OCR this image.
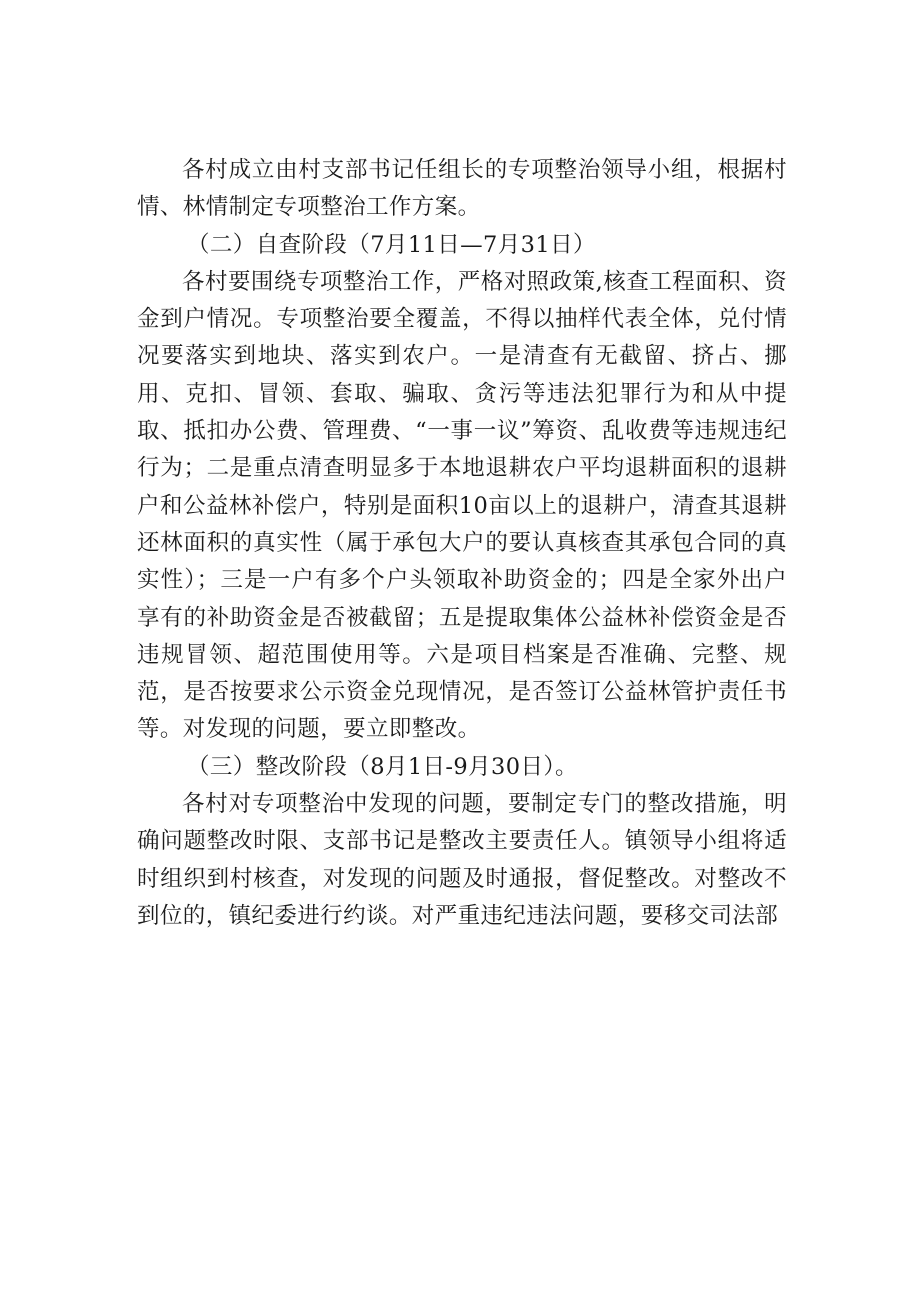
各村成立由村支部书记任组长的专项整治领导小组，根据村情、林情制定专项整治工作方案。

（二）自查阶段（7月11日—7月31日）

各村要围绕专项整治工作，严格对照政策,核查工程面积、资金到户情况。专项整治要全覆盖，不得以抽样代表全体，兑付情况要落实到地块、落实到农户。一是清查有无截留、挤占、挪用、克扣、冒领、套取、骗取、贪污等违法犯罪行为和从中提取、抵扣办公费、管理费、“一事一议”筹资、乱收费等违规违纪行为；二是重点清查明显多于本地退耕农户平均退耕面积的退耕户和公益林补偿户，特别是面积10亩以上的退耕户，清查其退耕还林面积的真实性（属于承包大户的要认真核查其承包合同的真实性）；三是一户有多个户头领取补助资金的；四是全家外出户享有的补助资金是否被截留；五是提取集体公益林补偿资金是否违规冒领、超范围使用等。六是项目档案是否准确、完整、规范，是否按要求公示资金兑现情况，是否签订公益林管护责任书等。对发现的问题，要立即整改。

（三）整改阶段（8月1日-9月30日）。

各村对专项整治中发现的问题，要制定专门的整改措施，明确问题整改时限、支部书记是整改主要责任人。镇领导小组将适时组织到村核查，对发现的问题及时通报，督促整改。对整改不到位的，镇纪委进行约谈。对严重违纪违法问题，要移交司法部
